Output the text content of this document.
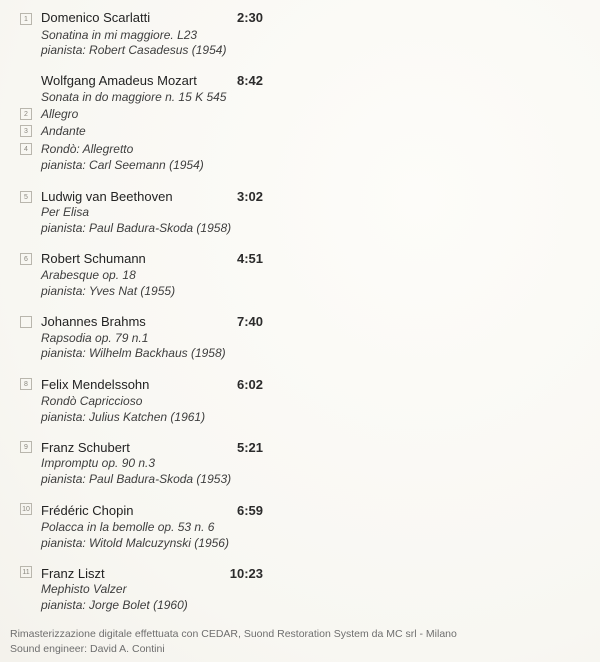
1	Domenico Scarlatti	2:30
Sonatina in mi maggiore. L23
pianista: Robert Casadesus (1954)
Wolfgang Amadeus Mozart	8:42
Sonata in do maggiore n. 15 K 545
2	Allegro
3	Andante
4	Rondò: Allegretto
pianista: Carl Seemann (1954)
5	Ludwig van Beethoven	3:02
Per Elisa
pianista: Paul Badura-Skoda (1958)
6	Robert Schumann	4:51
Arabesque op. 18
pianista: Yves Nat (1955)
Johannes Brahms	7:40
Rapsodia op. 79 n.1
pianista: Wilhelm Backhaus (1958)
8	Felix Mendelssohn	6:02
Rondò Capriccioso
pianista: Julius Katchen (1961)
9	Franz Schubert	5:21
Impromptu op. 90 n.3
pianista: Paul Badura-Skoda (1953)
10 Frédéric Chopin	6:59
Polacca in la bemolle op. 53 n. 6
pianista: Witold Malcuzynski (1956)
11 Franz Liszt	10:23
Mephisto Valzer
pianista: Jorge Bolet (1960)
Rimasterizzazione digitale effettuata con CEDAR, Suond Restoration System da MC srl - Milano
Sound engineer: David A. Contini
